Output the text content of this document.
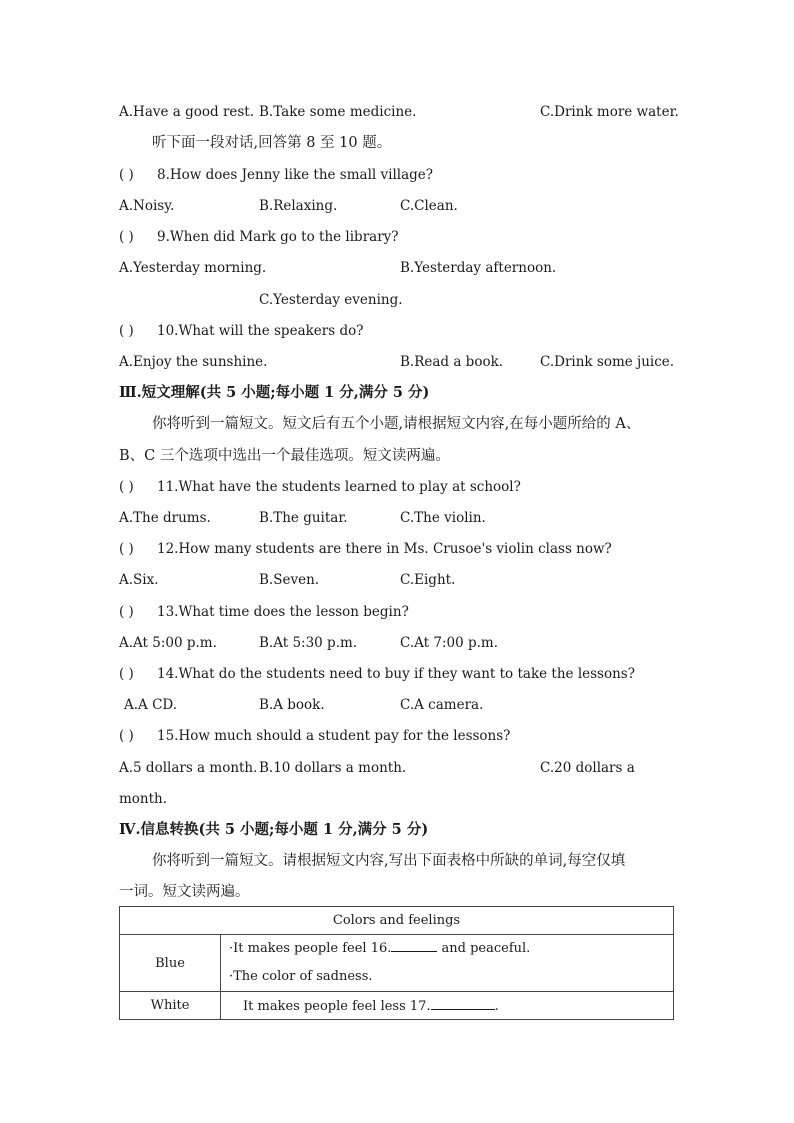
A.Have a good rest. B.Take some medicine.	C.Drink more water.
听下面一段对话,回答第 8 至 10 题。
( ) 8.How does Jenny like the small village?
A.Noisy.	B.Relaxing.	C.Clean.
( ) 9.When did Mark go to the library?
A.Yesterday morning.	B.Yesterday afternoon.
C.Yesterday evening.
( ) 10.What will the speakers do?
A.Enjoy the sunshine.	B.Read a book.	C.Drink some juice.
Ⅲ.短文理解(共 5 小题;每小题 1 分,满分 5 分)
你将听到一篇短文。短文后有五个小题,请根据短文内容,在每小题所给的 A、
B、C 三个选项中选出一个最佳选项。短文读两遍。
( ) 11.What have the students learned to play at school?
A.The drums.	B.The guitar.	C.The violin.
( ) 12.How many students are there in Ms. Crusoe's violin class now?
A.Six.	B.Seven.	C.Eight.
( ) 13.What time does the lesson begin?
A.At 5:00 p.m.	B.At 5:30 p.m.	C.At 7:00 p.m.
( ) 14.What do the students need to buy if they want to take the lessons?
A.A CD.	B.A book.	C.A camera.
( ) 15.How much should a student pay for the lessons?
A.5 dollars a month. B.10 dollars a month.	C.20 dollars a
month.
Ⅳ.信息转换(共 5 小题;每小题 1 分,满分 5 分)
你将听到一篇短文。请根据短文内容,写出下面表格中所缺的单词,每空仅填
一词。短文读两遍。
Colors and feelings	
Blue	·It makes people feel 16. and peaceful.
·The color of sadness.

White	It makes people feel less 17. .
